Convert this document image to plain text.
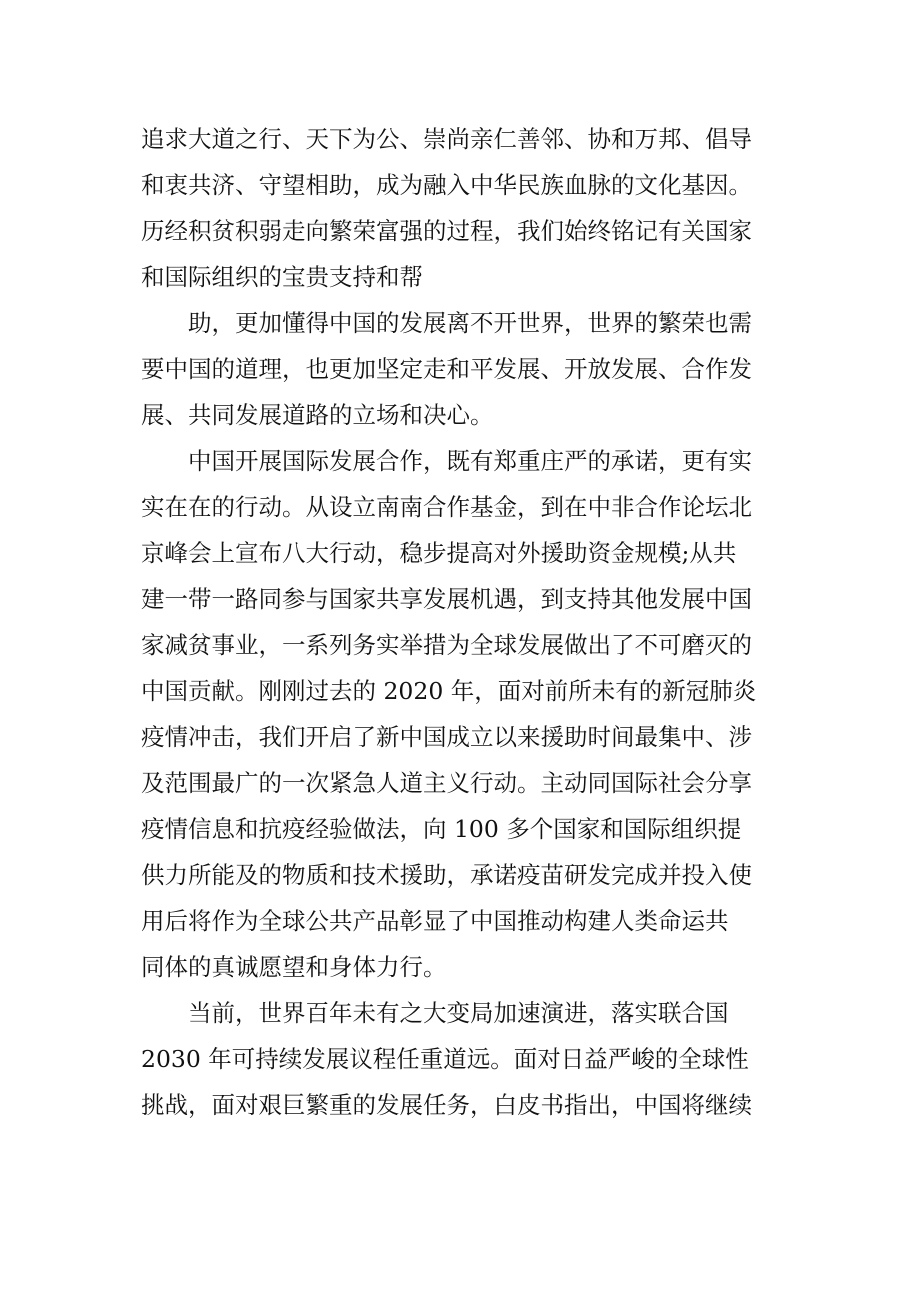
追求大道之行、天下为公、崇尚亲仁善邻、协和万邦、倡导
和衷共济、守望相助，成为融入中华民族血脉的文化基因。
历经积贫积弱走向繁荣富强的过程，我们始终铭记有关国家
和国际组织的宝贵支持和帮
助，更加懂得中国的发展离不开世界，世界的繁荣也需
要中国的道理，也更加坚定走和平发展、开放发展、合作发
展、共同发展道路的立场和决心。
中国开展国际发展合作，既有郑重庄严的承诺，更有实
实在在的行动。从设立南南合作基金，到在中非合作论坛北
京峰会上宣布八大行动，稳步提高对外援助资金规模;从共
建一带一路同参与国家共享发展机遇，到支持其他发展中国
家减贫事业，一系列务实举措为全球发展做出了不可磨灭的
中国贡献。刚刚过去的 2020 年，面对前所未有的新冠肺炎
疫情冲击，我们开启了新中国成立以来援助时间最集中、涉
及范围最广的一次紧急人道主义行动。主动同国际社会分享
疫情信息和抗疫经验做法，向 100 多个国家和国际组织提
供力所能及的物质和技术援助，承诺疫苗研发完成并投入使
用后将作为全球公共产品彰显了中国推动构建人类命运共
同体的真诚愿望和身体力行。
当前，世界百年未有之大变局加速演进，落实联合国
2030 年可持续发展议程任重道远。面对日益严峻的全球性
挑战，面对艰巨繁重的发展任务，白皮书指出，中国将继续
